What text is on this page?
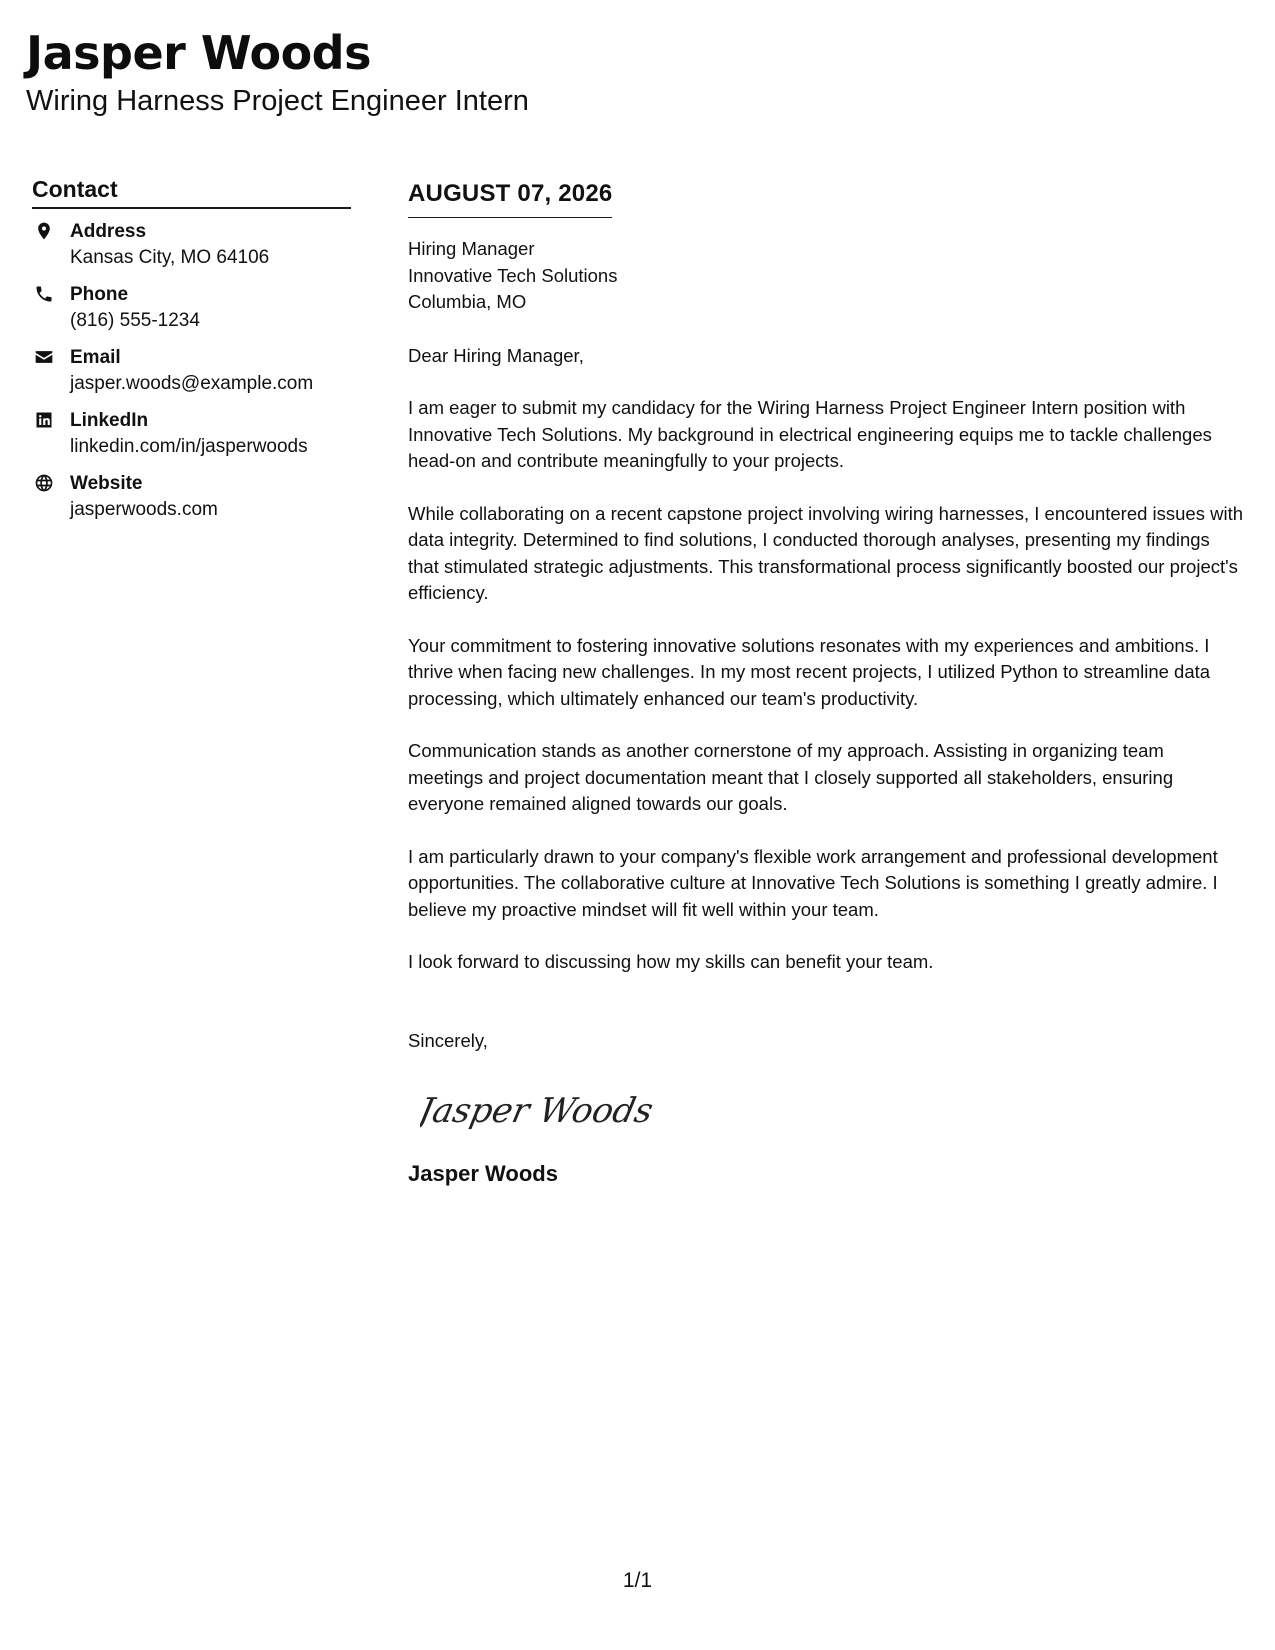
Jasper Woods

Wiring Harness Project Engineer Intern

Contact
Address
Kansas City, MO 64106
Phone
(816) 555-1234
Email
jasper.woods@example.com
LinkedIn
linkedin.com/in/jasperwoods
Website
jasperwoods.com
AUGUST 07, 2026
Hiring Manager
Innovative Tech Solutions
Columbia, MO
Dear Hiring Manager,
I am eager to submit my candidacy for the Wiring Harness Project Engineer Intern position with Innovative Tech Solutions. My background in electrical engineering equips me to tackle challenges head-on and contribute meaningfully to your projects.
While collaborating on a recent capstone project involving wiring harnesses, I encountered issues with data integrity. Determined to find solutions, I conducted thorough analyses, presenting my findings that stimulated strategic adjustments. This transformational process significantly boosted our project's efficiency.
Your commitment to fostering innovative solutions resonates with my experiences and ambitions. I thrive when facing new challenges. In my most recent projects, I utilized Python to streamline data processing, which ultimately enhanced our team's productivity.
Communication stands as another cornerstone of my approach. Assisting in organizing team meetings and project documentation meant that I closely supported all stakeholders, ensuring everyone remained aligned towards our goals.
I am particularly drawn to your company's flexible work arrangement and professional development opportunities. The collaborative culture at Innovative Tech Solutions is something I greatly admire. I believe my proactive mindset will fit well within your team.
I look forward to discussing how my skills can benefit your team.
Sincerely,
Jasper Woods
Jasper Woods
1/1
